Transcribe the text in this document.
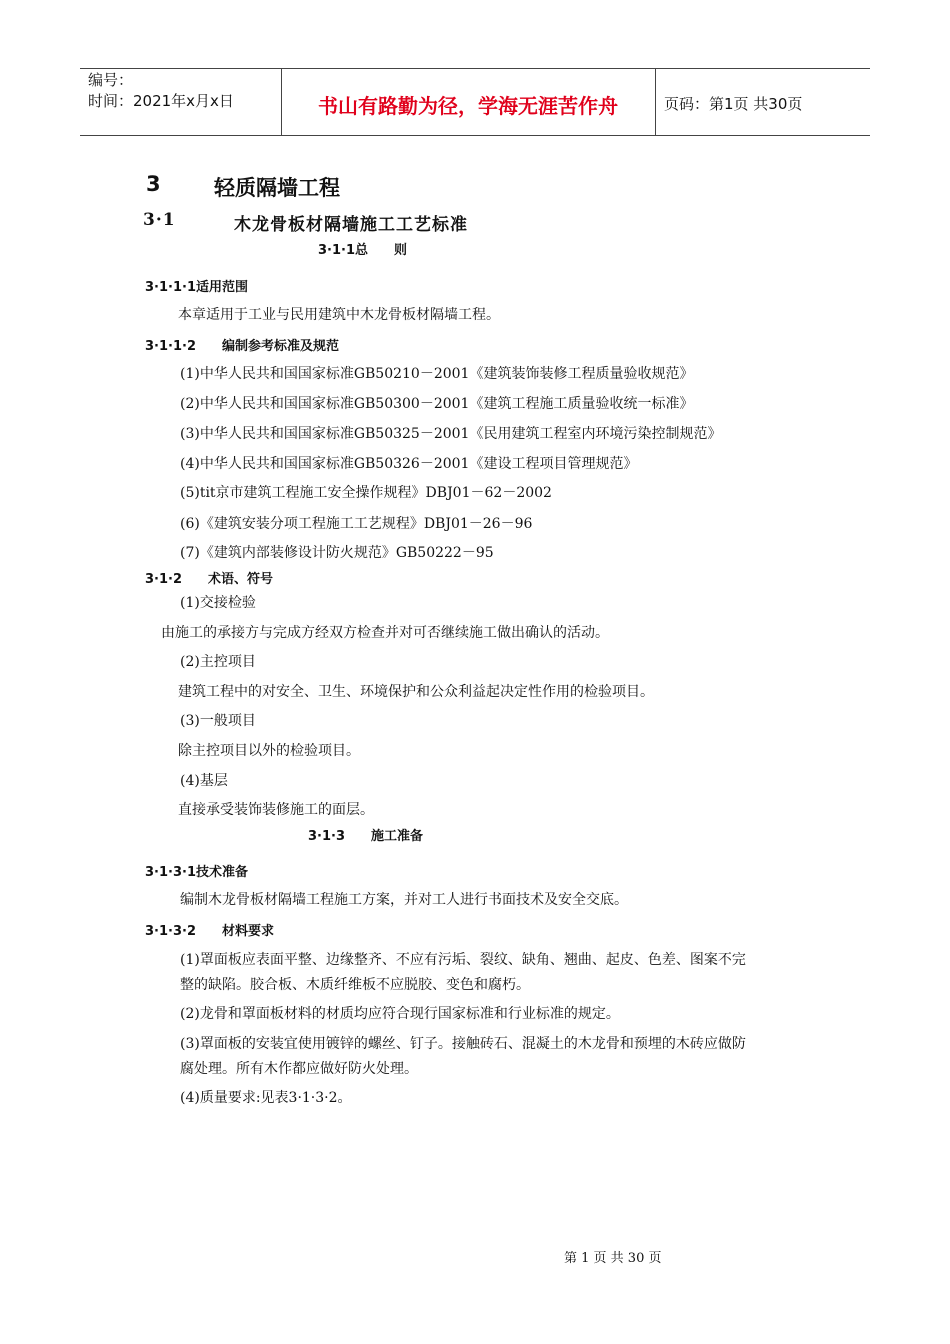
编号：
时间：2021年x月x日	书山有路勤为径，学海无涯苦作舟	页码：第1页 共30页
3	轻质隔墙工程
3·1	木龙骨板材隔墙施工工艺标准
3·1·1总　　则
3·1·1·1适用范围
本章适用于工业与民用建筑中木龙骨板材隔墙工程。
3·1·1·2　　编制参考标准及规范
(1)中华人民共和国国家标准GB50210－2001《建筑装饰装修工程质量验收规范》
(2)中华人民共和国国家标准GB50300－2001《建筑工程施工质量验收统一标准》
(3)中华人民共和国国家标准GB50325－2001《民用建筑工程室内环境污染控制规范》
(4)中华人民共和国国家标准GB50326－2001《建设工程项目管理规范》
(5)tit京市建筑工程施工安全操作规程》DBJ01－62－2002
(6)《建筑安装分项工程施工工艺规程》DBJ01－26－96
(7)《建筑内部装修设计防火规范》GB50222－95
3·1·2　　术语、符号
(1)交接检验
由施工的承接方与完成方经双方检查并对可否继续施工做出确认的活动。
(2)主控项目
建筑工程中的对安全、卫生、环境保护和公众利益起决定性作用的检验项目。
(3)一般项目
除主控项目以外的检验项目。
(4)基层
直接承受装饰装修施工的面层。
3·1·3　　施工准备
3·1·3·1技术准备
编制木龙骨板材隔墙工程施工方案，并对工人进行书面技术及安全交底。
3·1·3·2　　材料要求
(1)罩面板应表面平整、边缘整齐、不应有污垢、裂纹、缺角、翘曲、起皮、色差、图案不完
整的缺陷。胶合板、木质纤维板不应脱胶、变色和腐朽。
(2)龙骨和罩面板材料的材质均应符合现行国家标准和行业标准的规定。
(3)罩面板的安装宜使用镀锌的螺丝、钉子。接触砖石、混凝土的木龙骨和预埋的木砖应做防
腐处理。所有木作都应做好防火处理。
(4)质量要求:见表3·1·3·2。
第 1 页 共 30 页
